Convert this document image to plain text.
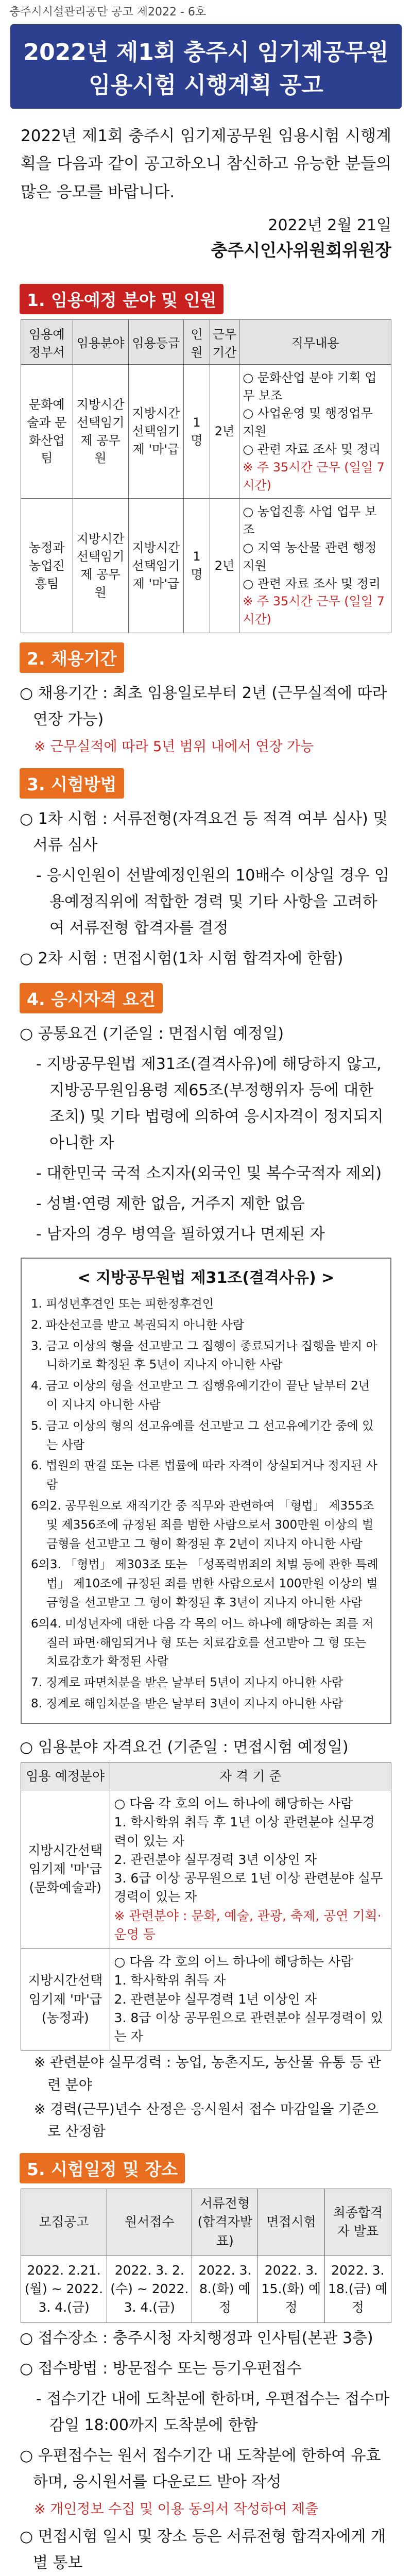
충주시시설관리공단 공고 제2022 - 6호
2022년 제1회 충주시 임기제공무원 임용시험 시행계획 공고
2022년 제1회 충주시 임기제공무원 임용시험 시행계획을 다음과 같이 공고하오니 참신하고 유능한 분들의 많은 응모를 바랍니다.
2022년 2월 21일
충주시인사위원회위원장
1. 임용예정 분야 및 인원
임용예정부서	임용분야	임용등급	인원	근무기간	직무내용
문화예술과 문화산업팀	지방시간선택임기제 공무원	지방시간선택임기제 '마'급	1명	2년	○ 문화산업 분야 기획 업무 보조
○ 사업운영 및 행정업무 지원
○ 관련 자료 조사 및 정리
※ 주 35시간 근무 (일일 7시간)

농정과 농업진흥팀	지방시간선택임기제 공무원	지방시간선택임기제 '마'급	1명	2년	○ 농업진흥 사업 업무 보조
○ 지역 농산물 관련 행정 지원
○ 관련 자료 조사 및 정리
※ 주 35시간 근무 (일일 7시간)
2. 채용기간
○ 채용기간 : 최초 임용일로부터 2년 (근무실적에 따라 연장 가능)
※ 근무실적에 따라 5년 범위 내에서 연장 가능
3. 시험방법
○ 1차 시험 : 서류전형(자격요건 등 적격 여부 심사) 및 서류 심사
- 응시인원이 선발예정인원의 10배수 이상일 경우 임용예정직위에 적합한 경력 및 기타 사항을 고려하여 서류전형 합격자를 결정
○ 2차 시험 : 면접시험(1차 시험 합격자에 한함)
4. 응시자격 요건
○ 공통요건 (기준일 : 면접시험 예정일)
- 지방공무원법 제31조(결격사유)에 해당하지 않고, 지방공무원임용령 제65조(부정행위자 등에 대한 조치) 및 기타 법령에 의하여 응시자격이 정지되지 아니한 자
- 대한민국 국적 소지자(외국인 및 복수국적자 제외)
- 성별·연령 제한 없음, 거주지 제한 없음
- 남자의 경우 병역을 필하였거나 면제된 자
< 지방공무원법 제31조(결격사유) >
1. 피성년후견인 또는 피한정후견인
2. 파산선고를 받고 복권되지 아니한 사람
3. 금고 이상의 형을 선고받고 그 집행이 종료되거나 집행을 받지 아니하기로 확정된 후 5년이 지나지 아니한 사람
4. 금고 이상의 형을 선고받고 그 집행유예기간이 끝난 날부터 2년이 지나지 아니한 사람
5. 금고 이상의 형의 선고유예를 선고받고 그 선고유예기간 중에 있는 사람
6. 법원의 판결 또는 다른 법률에 따라 자격이 상실되거나 정지된 사람
6의2. 공무원으로 재직기간 중 직무와 관련하여 「형법」 제355조 및 제356조에 규정된 죄를 범한 사람으로서 300만원 이상의 벌금형을 선고받고 그 형이 확정된 후 2년이 지나지 아니한 사람
6의3. 「형법」 제303조 또는 「성폭력범죄의 처벌 등에 관한 특례법」 제10조에 규정된 죄를 범한 사람으로서 100만원 이상의 벌금형을 선고받고 그 형이 확정된 후 3년이 지나지 아니한 사람
6의4. 미성년자에 대한 다음 각 목의 어느 하나에 해당하는 죄를 저질러 파면·해임되거나 형 또는 치료감호를 선고받아 그 형 또는 치료감호가 확정된 사람
7. 징계로 파면처분을 받은 날부터 5년이 지나지 아니한 사람
8. 징계로 해임처분을 받은 날부터 3년이 지나지 아니한 사람
○ 임용분야 자격요건 (기준일 : 면접시험 예정일)
임용 예정분야	자 격 기 준
지방시간선택임기제 '마'급 (문화예술과)	○ 다음 각 호의 어느 하나에 해당하는 사람
1. 학사학위 취득 후 1년 이상 관련분야 실무경력이 있는 자
2. 관련분야 실무경력 3년 이상인 자
3. 6급 이상 공무원으로 1년 이상 관련분야 실무경력이 있는 자
※ 관련분야 : 문화, 예술, 관광, 축제, 공연 기획·운영 등

지방시간선택임기제 '마'급 (농정과)	○ 다음 각 호의 어느 하나에 해당하는 사람
1. 학사학위 취득 자
2. 관련분야 실무경력 1년 이상인 자
3. 8급 이상 공무원으로 관련분야 실무경력이 있는 자
※ 관련분야 실무경력 : 농업, 농촌지도, 농산물 유통 등 관련 분야
※ 경력(근무)년수 산정은 응시원서 접수 마감일을 기준으로 산정함
5. 시험일정 및 장소
모집공고	원서접수	서류전형 (합격자발표)	면접시험	최종합격자 발표
2022. 2.21.(월) ~ 2022. 3. 4.(금)	2022. 3. 2.(수) ~ 2022. 3. 4.(금)	2022. 3. 8.(화) 예정	2022. 3. 15.(화) 예정	2022. 3. 18.(금) 예정
○ 접수장소 : 충주시청 자치행정과 인사팀(본관 3층)
○ 접수방법 : 방문접수 또는 등기우편접수
- 접수기간 내에 도착분에 한하며, 우편접수는 접수마감일 18:00까지 도착분에 한함
○ 우편접수는 원서 접수기간 내 도착분에 한하여 유효하며, 응시원서를 다운로드 받아 작성
※ 개인정보 수집 및 이용 동의서 작성하여 제출
○ 면접시험 일시 및 장소 등은 서류전형 합격자에게 개별 통보
